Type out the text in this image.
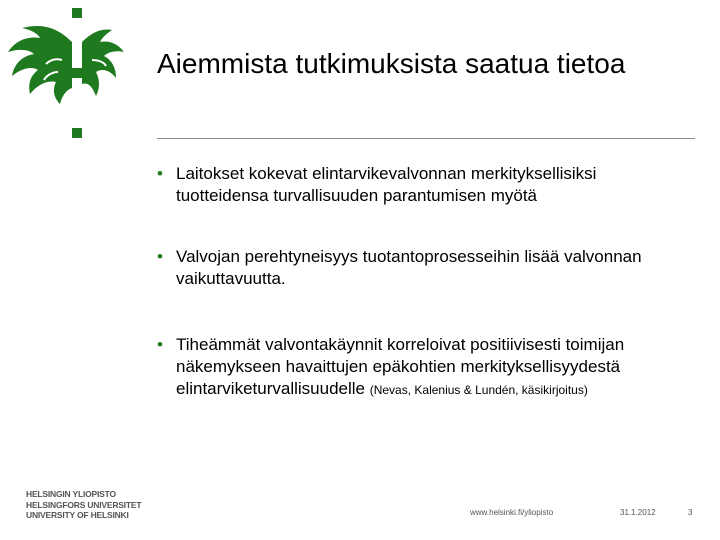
Aiemmista tutkimuksista saatua tietoa
• Laitokset kokevat elintarvikevalvonnan merkityksellisiksi tuotteidensa turvallisuuden parantumisen myötä
• Valvojan perehtyneisyys tuotantoprosesseihin lisää valvonnan vaikuttavuutta.
• Tiheämmät valvontakäynnit korreloivat positiivisesti toimijan näkemykseen havaittujen epäkohtien merkityksellisyydestä elintarviketurvallisuudelle (Nevas, Kalenius & Lundén, käsikirjoitus)
HELSINGIN YLIOPISTO
HELSINGFORS UNIVERSITET
UNIVERSITY OF HELSINKI	www.helsinki.fi/yliopisto	31.1.2012	3
